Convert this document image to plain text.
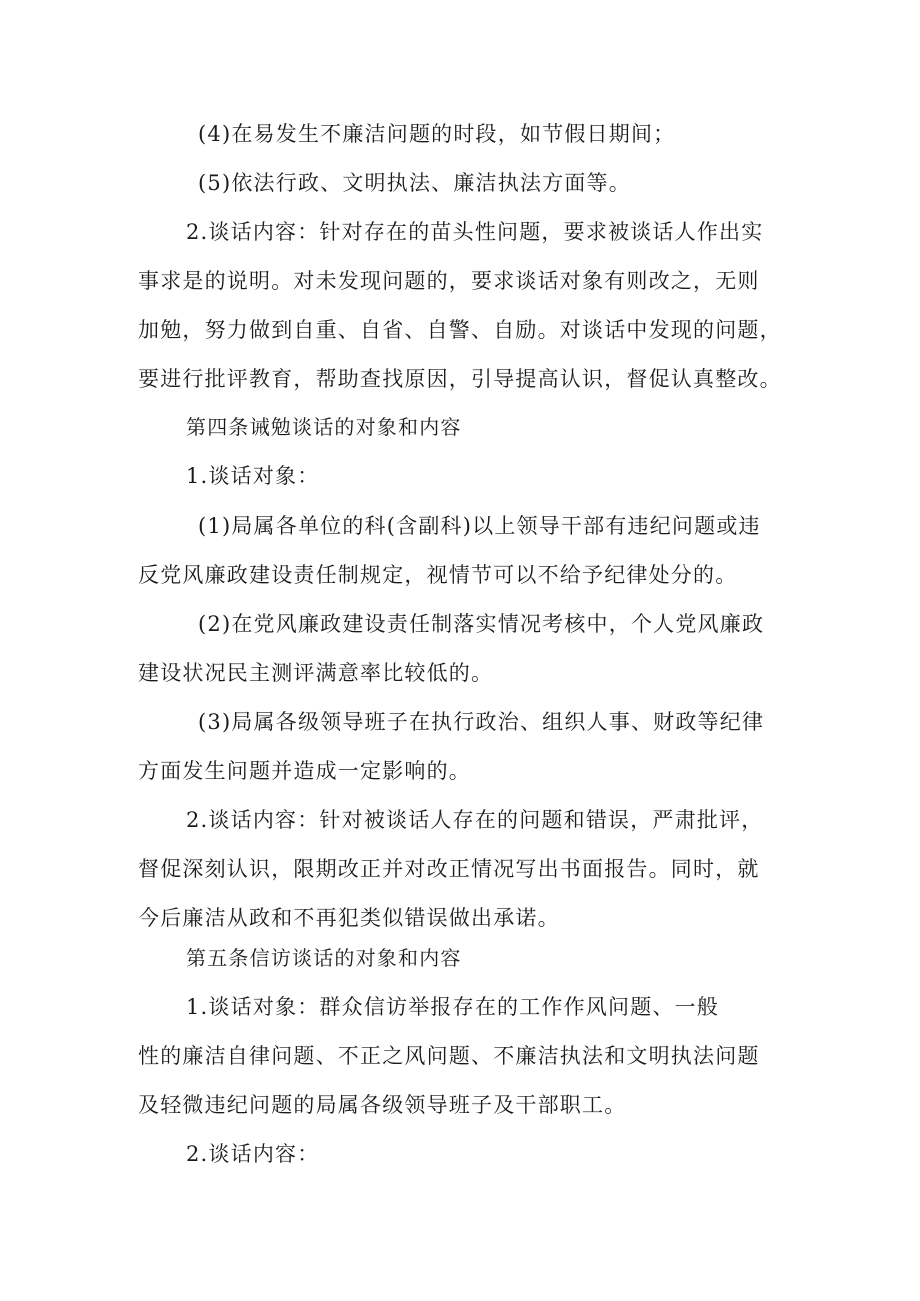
(4)在易发生不廉洁问题的时段，如节假日期间；
(5)依法行政、文明执法、廉洁执法方面等。
2.谈话内容：针对存在的苗头性问题，要求被谈话人作出实
事求是的说明。对未发现问题的，要求谈话对象有则改之，无则
加勉，努力做到自重、自省、自警、自励。对谈话中发现的问题，
要进行批评教育，帮助查找原因，引导提高认识，督促认真整改。
第四条诫勉谈话的对象和内容
1.谈话对象：
(1)局属各单位的科(含副科)以上领导干部有违纪问题或违
反党风廉政建设责任制规定，视情节可以不给予纪律处分的。
(2)在党风廉政建设责任制落实情况考核中，个人党风廉政
建设状况民主测评满意率比较低的。
(3)局属各级领导班子在执行政治、组织人事、财政等纪律
方面发生问题并造成一定影响的。
2.谈话内容：针对被谈话人存在的问题和错误，严肃批评，
督促深刻认识，限期改正并对改正情况写出书面报告。同时，就
今后廉洁从政和不再犯类似错误做出承诺。
第五条信访谈话的对象和内容
1.谈话对象：群众信访举报存在的工作作风问题、一般
性的廉洁自律问题、不正之风问题、不廉洁执法和文明执法问题
及轻微违纪问题的局属各级领导班子及干部职工。
2.谈话内容：
